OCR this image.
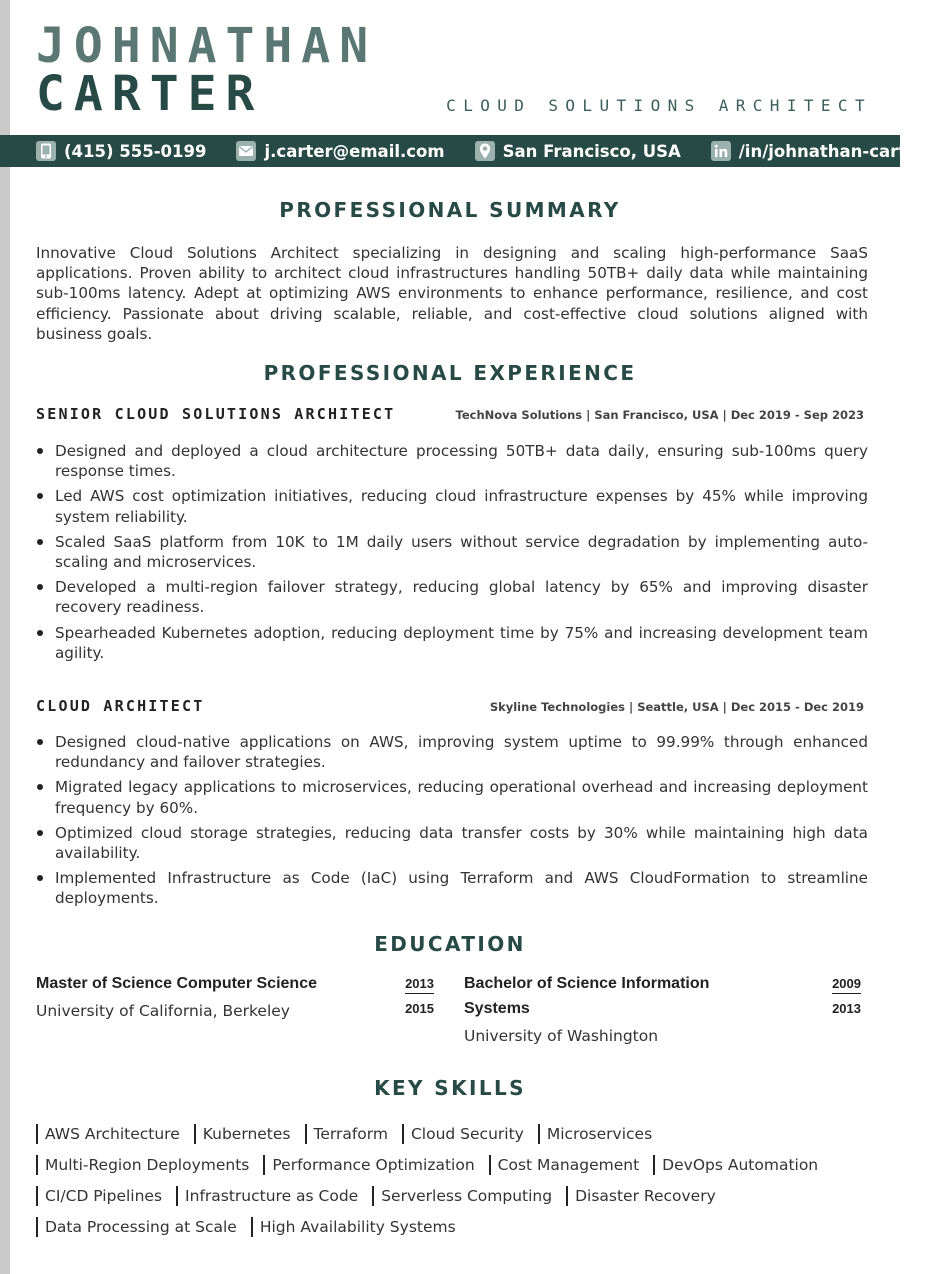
JOHNATHAN
CARTER	CLOUD SOLUTIONS ARCHITECT
(415) 555-0199	j.carter@email.com	San Francisco, USA	/in/johnathan-carter
PROFESSIONAL SUMMARY

Innovative Cloud Solutions Architect specializing in designing and scaling high-performance SaaS applications. Proven ability to architect cloud infrastructures handling 50TB+ daily data while maintaining sub-100ms latency. Adept at optimizing AWS environments to enhance performance, resilience, and cost efficiency. Passionate about driving scalable, reliable, and cost-effective cloud solutions aligned with business goals.

PROFESSIONAL EXPERIENCE
SENIOR CLOUD SOLUTIONS ARCHITECT	TechNova Solutions | San Francisco, USA | Dec 2019 - Sep 2023
Designed and deployed a cloud architecture processing 50TB+ data daily, ensuring sub-100ms query response times.
Led AWS cost optimization initiatives, reducing cloud infrastructure expenses by 45% while improving system reliability.
Scaled SaaS platform from 10K to 1M daily users without service degradation by implementing auto-scaling and microservices.
Developed a multi-region failover strategy, reducing global latency by 65% and improving disaster recovery readiness.
Spearheaded Kubernetes adoption, reducing deployment time by 75% and increasing development team agility.
CLOUD ARCHITECT	Skyline Technologies | Seattle, USA | Dec 2015 - Dec 2019
Designed cloud-native applications on AWS, improving system uptime to 99.99% through enhanced redundancy and failover strategies.
Migrated legacy applications to microservices, reducing operational overhead and increasing deployment frequency by 60%.
Optimized cloud storage strategies, reducing data transfer costs by 30% while maintaining high data availability.
Implemented Infrastructure as Code (IaC) using Terraform and AWS CloudFormation to streamline deployments.
EDUCATION
Master of Science Computer Science
University of California, Berkeley
2013
2015
Bachelor of Science Information Systems
University of Washington
2009
2013
KEY SKILLS
AWS Architecture Kubernetes Terraform Cloud Security Microservices
Multi-Region Deployments Performance Optimization Cost Management DevOps Automation
CI/CD Pipelines Infrastructure as Code Serverless Computing Disaster Recovery
Data Processing at Scale High Availability Systems
